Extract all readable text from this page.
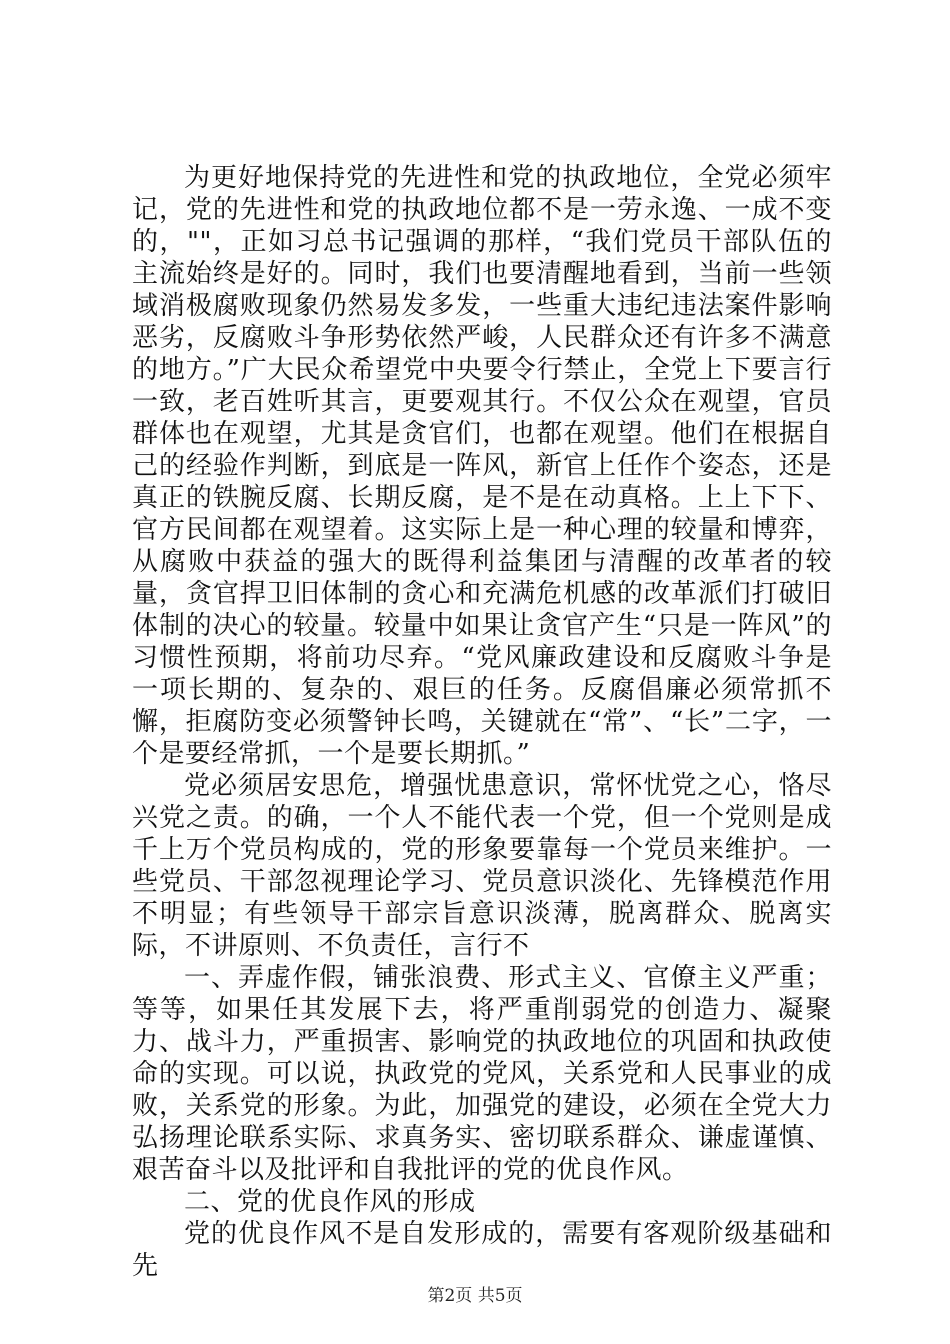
为更好地保持党的先进性和党的执政地位，全党必须牢记，党的先进性和党的执政地位都不是一劳永逸、一成不变的，""，正如习总书记强调的那样，“我们党员干部队伍的主流始终是好的。同时，我们也要清醒地看到，当前一些领域消极腐败现象仍然易发多发，一些重大违纪违法案件影响恶劣，反腐败斗争形势依然严峻，人民群众还有许多不满意的地方。”广大民众希望党中央要令行禁止，全党上下要言行一致，老百姓听其言，更要观其行。不仅公众在观望，官员群体也在观望，尤其是贪官们，也都在观望。他们在根据自己的经验作判断，到底是一阵风，新官上任作个姿态，还是真正的铁腕反腐、长期反腐，是不是在动真格。上上下下、官方民间都在观望着。这实际上是一种心理的较量和博弈，从腐败中获益的强大的既得利益集团与清醒的改革者的较量，贪官捍卫旧体制的贪心和充满危机感的改革派们打破旧体制的决心的较量。较量中如果让贪官产生“只是一阵风”的习惯性预期，将前功尽弃。“党风廉政建设和反腐败斗争是一项长期的、复杂的、艰巨的任务。反腐倡廉必须常抓不懈，拒腐防变必须警钟长鸣，关键就在“常”、“长”二字，一个是要经常抓，一个是要长期抓。”

党必须居安思危，增强忧患意识，常怀忧党之心，恪尽兴党之责。的确，一个人不能代表一个党，但一个党则是成千上万个党员构成的，党的形象要靠每一个党员来维护。一些党员、干部忽视理论学习、党员意识淡化、先锋模范作用不明显；有些领导干部宗旨意识淡薄，脱离群众、脱离实际，不讲原则、不负责任，言行不

一、弄虚作假，铺张浪费、形式主义、官僚主义严重；等等，如果任其发展下去，将严重削弱党的创造力、凝聚力、战斗力，严重损害、影响党的执政地位的巩固和执政使命的实现。可以说，执政党的党风，关系党和人民事业的成败，关系党的形象。为此，加强党的建设，必须在全党大力弘扬理论联系实际、求真务实、密切联系群众、谦虚谨慎、艰苦奋斗以及批评和自我批评的党的优良作风。

二、党的优良作风的形成

党的优良作风不是自发形成的，需要有客观阶级基础和先

第2页 共5页
